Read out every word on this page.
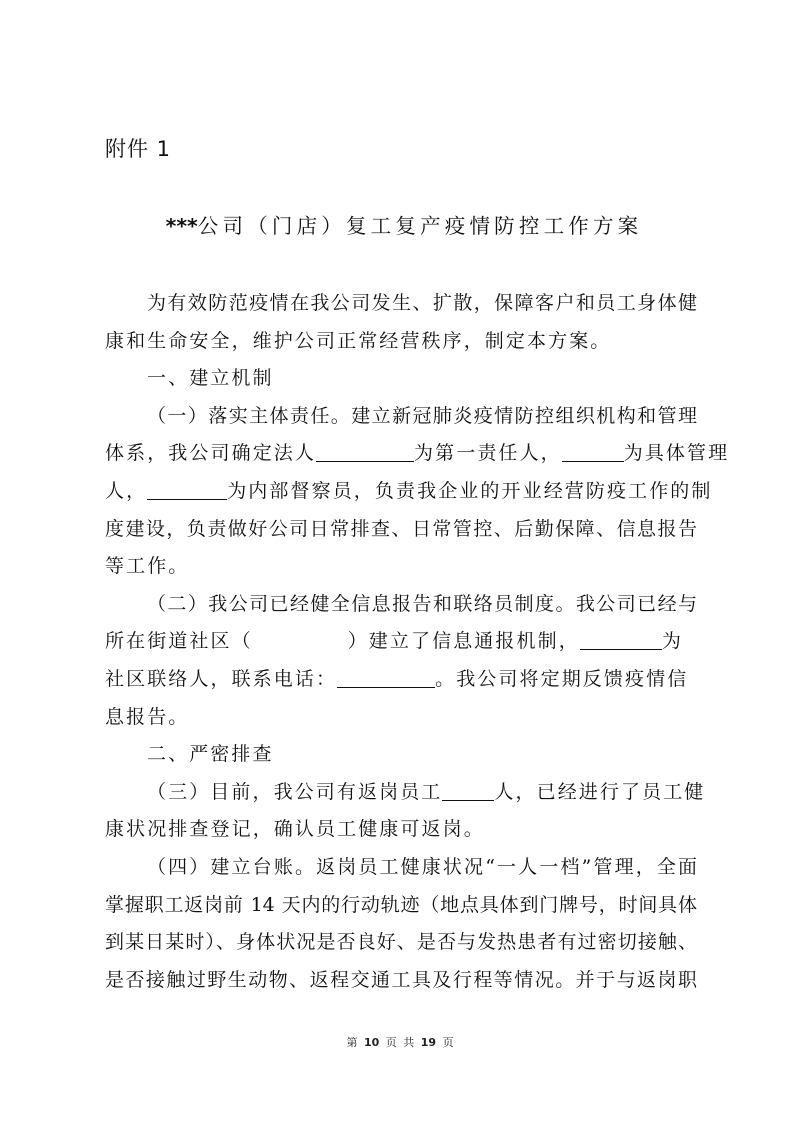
附件 1
***公司（门店）复工复产疫情防控工作方案
为有效防范疫情在我公司发生、扩散，保障客户和员工身体健
康和生命安全，维护公司正常经营秩序，制定本方案。
一、建立机制
（一）落实主体责任。建立新冠肺炎疫情防控组织机构和管理
体系，我公司确定法人	为第一责任人，	为具体管理
人，	为内部督察员，负责我企业的开业经营防疫工作的制
度建设，负责做好公司日常排查、日常管控、后勤保障、信息报告
等工作。
（二）我公司已经健全信息报告和联络员制度。我公司已经与
所在街道社区（	）建立了信息通报机制，	为
社区联络人，联系电话：	。我公司将定期反馈疫情信
息报告。
二、严密排查
（三）目前，我公司有返岗员工	人，已经进行了员工健
康状况排查登记，确认员工健康可返岗。
（四）建立台账。返岗员工健康状况“一人一档”管理，全面
掌握职工返岗前 14 天内的行动轨迹（地点具体到门牌号，时间具体
到某日某时）、身体状况是否良好、是否与发热患者有过密切接触、
是否接触过野生动物、返程交通工具及行程等情况。并于与返岗职
第 10 页 共 19 页
